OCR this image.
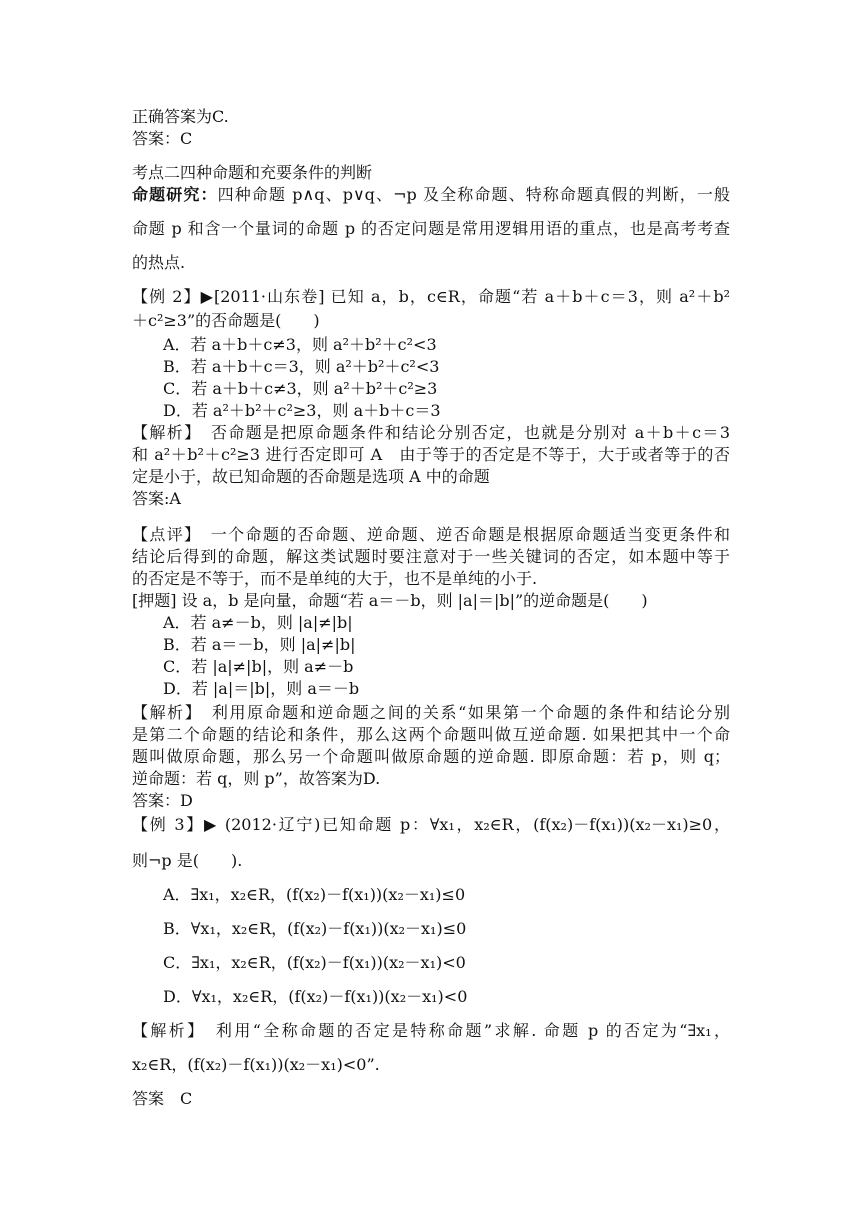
正确答案为C.
答案：C
考点二四种命题和充要条件的判断
命题研究：四种命题 p∧q、p∨q、¬p 及全称命题、特称命题真假的判断，一般
命题 p 和含一个量词的命题 p 的否定问题是常用逻辑用语的重点，也是高考考查
的热点.
【例 2】▶[2011·山东卷] 已知 a，b，c∈R，命题“若 a＋b＋c＝3，则 a²＋b²
＋c²≥3”的否命题是(　　)
A．若 a＋b＋c≠3，则 a²＋b²＋c²<3
B．若 a＋b＋c＝3，则 a²＋b²＋c²<3
C．若 a＋b＋c≠3，则 a²＋b²＋c²≥3
D．若 a²＋b²＋c²≥3，则 a＋b＋c＝3
【解析】　否命题是把原命题条件和结论分别否定，也就是分别对 a＋b＋c＝3
和 a²＋b²＋c²≥3 进行否定即可 A　由于等于的否定是不等于，大于或者等于的否
定是小于，故已知命题的否命题是选项 A 中的命题
答案:A
【点评】　一个命题的否命题、逆命题、逆否命题是根据原命题适当变更条件和
结论后得到的命题，解这类试题时要注意对于一些关键词的否定，如本题中等于
的否定是不等于，而不是单纯的大于，也不是单纯的小于.
[押题] 设 a，b 是向量，命题“若 a＝－b，则 |a|＝|b|”的逆命题是(　　)
A．若 a≠－b，则 |a|≠|b|
B．若 a＝－b，则 |a|≠|b|
C．若 |a|≠|b|，则 a≠－b
D．若 |a|＝|b|，则 a＝－b
【解析】　利用原命题和逆命题之间的关系“如果第一个命题的条件和结论分别
是第二个命题的结论和条件，那么这两个命题叫做互逆命题. 如果把其中一个命
题叫做原命题，那么另一个命题叫做原命题的逆命题. 即原命题：若 p，则 q；
逆命题：若 q，则 p”，故答案为D.
答案：D
【例 3】▶ (2012·辽宁)已知命题 p：∀x₁，x₂∈R，(f(x₂)－f(x₁))(x₂－x₁)≥0，
则¬p 是(　　).
A．∃x₁，x₂∈R，(f(x₂)－f(x₁))(x₂－x₁)≤0
B．∀x₁，x₂∈R，(f(x₂)－f(x₁))(x₂－x₁)≤0
C．∃x₁，x₂∈R，(f(x₂)－f(x₁))(x₂－x₁)<0
D．∀x₁，x₂∈R，(f(x₂)－f(x₁))(x₂－x₁)<0
【解析】　利用“全称命题的否定是特称命题”求解. 命题 p 的否定为“∃x₁，
x₂∈R，(f(x₂)－f(x₁))(x₂－x₁)<0”.
答案　C
